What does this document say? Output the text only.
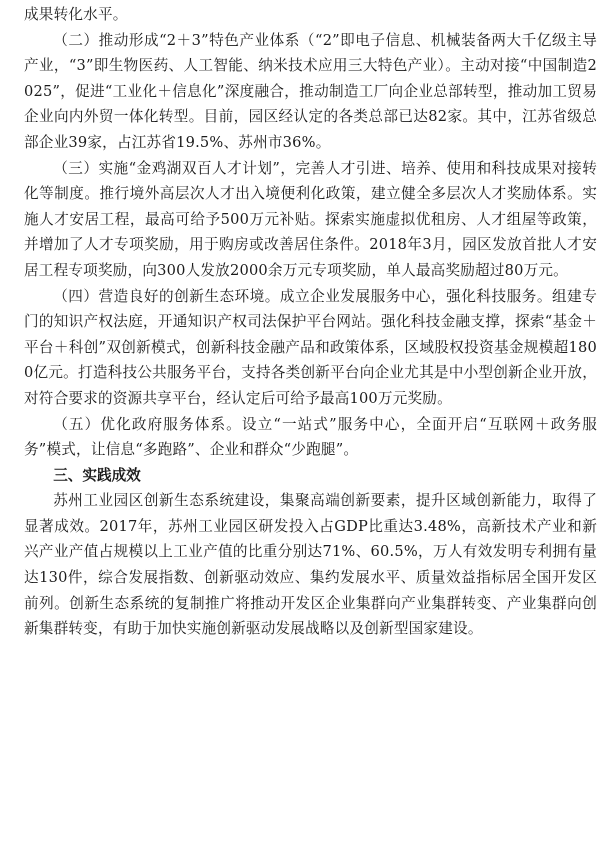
成果转化水平。

（二）推动形成“2＋3”特色产业体系（“2”即电子信息、机械装备两大千亿级主导产业，“3”即生物医药、人工智能、纳米技术应用三大特色产业）。主动对接“中国制造2025”，促进“工业化＋信息化”深度融合，推动制造工厂向企业总部转型，推动加工贸易企业向内外贸一体化转型。目前，园区经认定的各类总部已达82家。其中，江苏省级总部企业39家，占江苏省19.5%、苏州市36%。

（三）实施“金鸡湖双百人才计划”，完善人才引进、培养、使用和科技成果对接转化等制度。推行境外高层次人才出入境便利化政策，建立健全多层次人才奖励体系。实施人才安居工程，最高可给予500万元补贴。探索实施虚拟优租房、人才组屋等政策，并增加了人才专项奖励，用于购房或改善居住条件。2018年3月，园区发放首批人才安居工程专项奖励，向300人发放2000余万元专项奖励，单人最高奖励超过80万元。

（四）营造良好的创新生态环境。成立企业发展服务中心，强化科技服务。组建专门的知识产权法庭，开通知识产权司法保护平台网站。强化科技金融支撑，探索“基金＋平台＋科创”双创新模式，创新科技金融产品和政策体系，区域股权投资基金规模超1800亿元。打造科技公共服务平台，支持各类创新平台向企业尤其是中小型创新企业开放，对符合要求的资源共享平台，经认定后可给予最高100万元奖励。

（五）优化政府服务体系。设立“一站式”服务中心，全面开启“互联网＋政务服务”模式，让信息“多跑路”、企业和群众“少跑腿”。

三、实践成效

苏州工业园区创新生态系统建设，集聚高端创新要素，提升区域创新能力，取得了显著成效。2017年，苏州工业园区研发投入占GDP比重达3.48%，高新技术产业和新兴产业产值占规模以上工业产值的比重分别达71%、60.5%，万人有效发明专利拥有量达130件，综合发展指数、创新驱动效应、集约发展水平、质量效益指标居全国开发区前列。创新生态系统的复制推广将推动开发区企业集群向产业集群转变、产业集群向创新集群转变，有助于加快实施创新驱动发展战略以及创新型国家建设。
